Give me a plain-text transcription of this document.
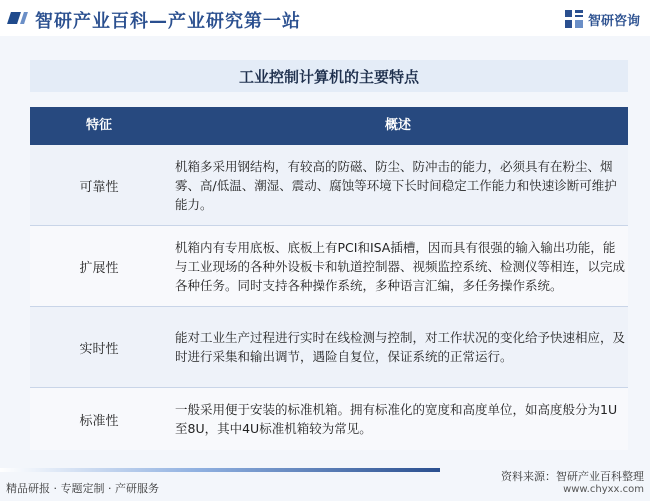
智研产业百科—产业研究第一站	智研咨询
工业控制计算机的主要特点
特征	概述
可靠性
机箱多采用钢结构，有较高的防磁、防尘、防冲击的能力，必须具有在粉尘、烟雾、高/低温、潮湿、震动、腐蚀等环境下长时间稳定工作能力和快速诊断可维护能力。
扩展性
机箱内有专用底板、底板上有PCI和ISA插槽，因而具有很强的输入输出功能，能与工业现场的各种外设板卡和轨道控制器、视频监控系统、检测仪等相连，以完成各种任务。同时支持各种操作系统，多种语言汇编，多任务操作系统。
实时性
能对工业生产过程进行实时在线检测与控制，对工作状况的变化给予快速相应，及时进行采集和输出调节，遇险自复位，保证系统的正常运行。
标准性
一般采用便于安装的标准机箱。拥有标准化的宽度和高度单位，如高度般分为1U至8U，其中4U标准机箱较为常见。
精品研报 · 专题定制 · 产研服务
资料来源：智研产业百科整理
www.chyxx.com
